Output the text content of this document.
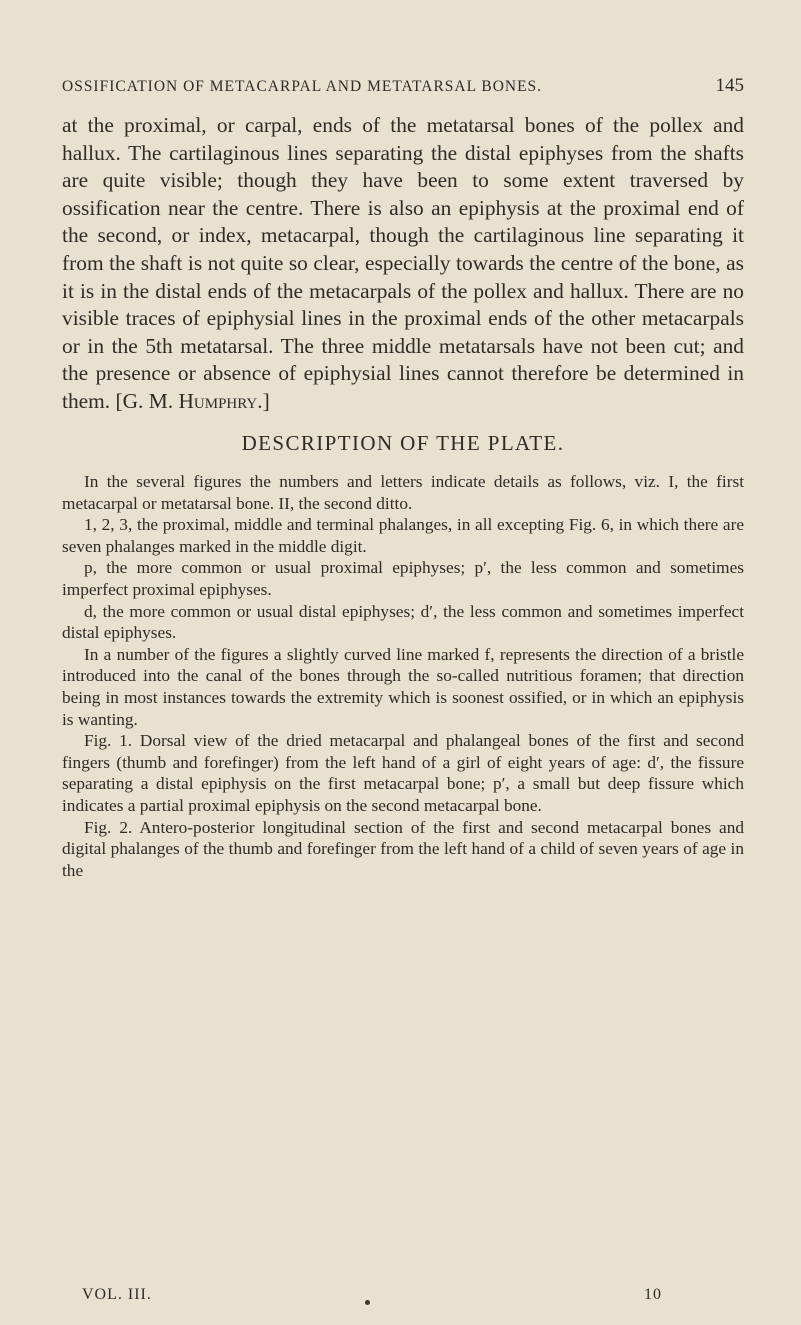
OSSIFICATION OF METACARPAL AND METATARSAL BONES.	145

at the proximal, or carpal, ends of the metatarsal bones of the pollex and hallux. The cartilaginous lines separating the distal epiphyses from the shafts are quite visible; though they have been to some extent traversed by ossification near the centre. There is also an epiphysis at the proximal end of the second, or index, metacarpal, though the cartilaginous line separating it from the shaft is not quite so clear, especially towards the centre of the bone, as it is in the distal ends of the metacarpals of the pollex and hallux. There are no visible traces of epiphysial lines in the proximal ends of the other metacarpals or in the 5th metatarsal. The three middle metatarsals have not been cut; and the presence or absence of epiphysial lines cannot therefore be determined in them. [G. M. Humphry.]

DESCRIPTION OF THE PLATE.

In the several figures the numbers and letters indicate details as follows, viz. I, the first metacarpal or metatarsal bone. II, the second ditto.

1, 2, 3, the proximal, middle and terminal phalanges, in all excepting Fig. 6, in which there are seven phalanges marked in the middle digit.

p, the more common or usual proximal epiphyses; p′, the less common and sometimes imperfect proximal epiphyses.

d, the more common or usual distal epiphyses; d′, the less common and sometimes imperfect distal epiphyses.

In a number of the figures a slightly curved line marked f, represents the direction of a bristle introduced into the canal of the bones through the so-called nutritious foramen; that direction being in most instances towards the extremity which is soonest ossified, or in which an epiphysis is wanting.

Fig. 1. Dorsal view of the dried metacarpal and phalangeal bones of the first and second fingers (thumb and forefinger) from the left hand of a girl of eight years of age: d′, the fissure separating a distal epiphysis on the first metacarpal bone; p′, a small but deep fissure which indicates a partial proximal epiphysis on the second metacarpal bone.

Fig. 2. Antero-posterior longitudinal section of the first and second metacarpal bones and digital phalanges of the thumb and forefinger from the left hand of a child of seven years of age in the

VOL. III.	10
